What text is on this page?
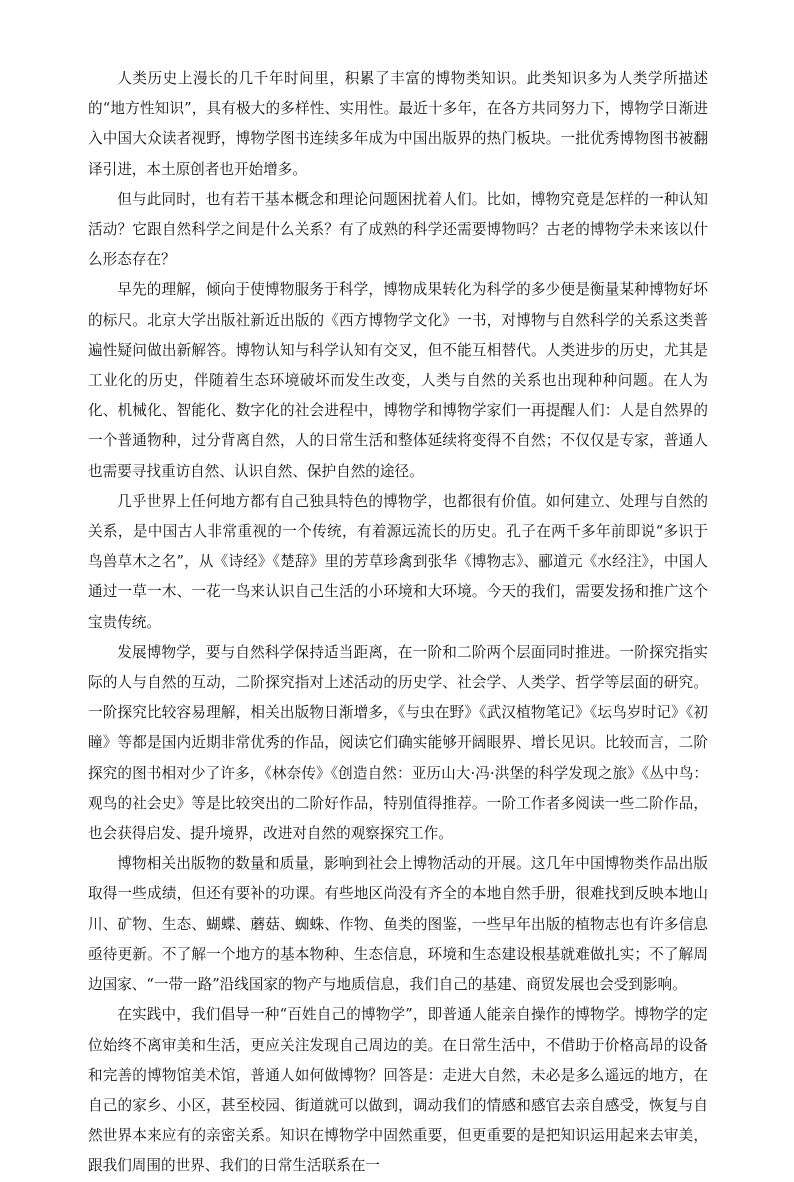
人类历史上漫长的几千年时间里，积累了丰富的博物类知识。此类知识多为人类学所描述的“地方性知识”，具有极大的多样性、实用性。最近十多年，在各方共同努力下，博物学日渐进入中国大众读者视野，博物学图书连续多年成为中国出版界的热门板块。一批优秀博物图书被翻译引进，本土原创者也开始增多。

但与此同时，也有若干基本概念和理论问题困扰着人们。比如，博物究竟是怎样的一种认知活动？它跟自然科学之间是什么关系？有了成熟的科学还需要博物吗？古老的博物学未来该以什么形态存在？

早先的理解，倾向于使博物服务于科学，博物成果转化为科学的多少便是衡量某种博物好坏的标尺。北京大学出版社新近出版的《西方博物学文化》一书，对博物与自然科学的关系这类普遍性疑问做出新解答。博物认知与科学认知有交叉，但不能互相替代。人类进步的历史，尤其是工业化的历史，伴随着生态环境破坏而发生改变，人类与自然的关系也出现种种问题。在人为化、机械化、智能化、数字化的社会进程中，博物学和博物学家们一再提醒人们：人是自然界的一个普通物种，过分背离自然，人的日常生活和整体延续将变得不自然；不仅仅是专家，普通人也需要寻找重访自然、认识自然、保护自然的途径。

几乎世界上任何地方都有自己独具特色的博物学，也都很有价值。如何建立、处理与自然的关系，是中国古人非常重视的一个传统，有着源远流长的历史。孔子在两千多年前即说“多识于鸟兽草木之名”，从《诗经》《楚辞》里的芳草珍禽到张华《博物志》、郦道元《水经注》，中国人通过一草一木、一花一鸟来认识自己生活的小环境和大环境。今天的我们，需要发扬和推广这个宝贵传统。

发展博物学，要与自然科学保持适当距离，在一阶和二阶两个层面同时推进。一阶探究指实际的人与自然的互动，二阶探究指对上述活动的历史学、社会学、人类学、哲学等层面的研究。一阶探究比较容易理解，相关出版物日渐增多，《与虫在野》《武汉植物笔记》《坛鸟岁时记》《初瞳》等都是国内近期非常优秀的作品，阅读它们确实能够开阔眼界、增长见识。比较而言，二阶探究的图书相对少了许多，《林奈传》《创造自然：亚历山大·冯·洪堡的科学发现之旅》《丛中鸟：观鸟的社会史》等是比较突出的二阶好作品，特别值得推荐。一阶工作者多阅读一些二阶作品，也会获得启发、提升境界，改进对自然的观察探究工作。

博物相关出版物的数量和质量，影响到社会上博物活动的开展。这几年中国博物类作品出版取得一些成绩，但还有要补的功课。有些地区尚没有齐全的本地自然手册，很难找到反映本地山川、矿物、生态、蝴蝶、蘑菇、蜘蛛、作物、鱼类的图鉴，一些早年出版的植物志也有许多信息亟待更新。不了解一个地方的基本物种、生态信息，环境和生态建设根基就难做扎实；不了解周边国家、“一带一路”沿线国家的物产与地质信息，我们自己的基建、商贸发展也会受到影响。

在实践中，我们倡导一种“百姓自己的博物学”，即普通人能亲自操作的博物学。博物学的定位始终不离审美和生活，更应关注发现自己周边的美。在日常生活中，不借助于价格高昂的设备和完善的博物馆美术馆，普通人如何做博物？回答是：走进大自然，未必是多么遥远的地方，在自己的家乡、小区，甚至校园、街道就可以做到，调动我们的情感和感官去亲自感受，恢复与自然世界本来应有的亲密关系。知识在博物学中固然重要，但更重要的是把知识运用起来去审美，跟我们周围的世界、我们的日常生活联系在一
